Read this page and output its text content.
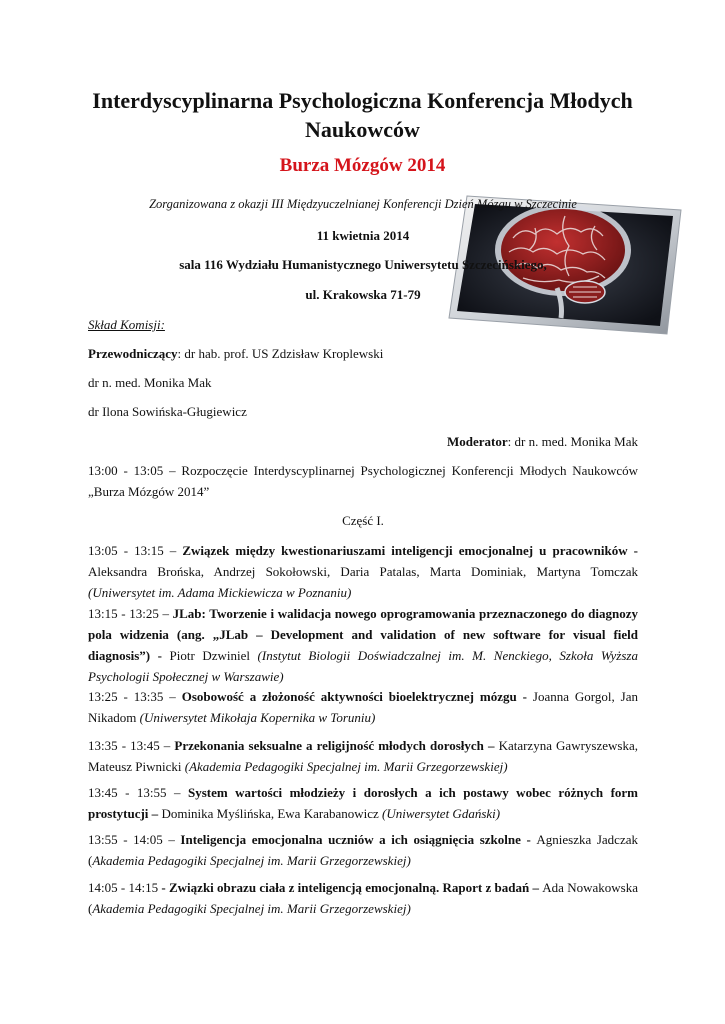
Interdyscyplinarna Psychologiczna Konferencja Młodych
Naukowców
Burza Mózgów 2014
Zorganizowana z okazji III Międzyuczelnianej Konferencji Dzień Mózgu w Szczecinie
11 kwietnia 2014
sala 116 Wydziału Humanistycznego Uniwersytetu Szczecińskiego,
ul. Krakowska 71-79
Skład Komisji:
Przewodniczący: dr hab. prof. US Zdzisław Kroplewski
dr n. med. Monika Mak
dr Ilona Sowińska-Gługiewicz
Moderator: dr n. med. Monika Mak
13:00 - 13:05 – Rozpoczęcie Interdyscyplinarnej Psychologicznej Konferencji Młodych Naukowców „Burza Mózgów 2014”
Część I.
13:05 - 13:15 – Związek między kwestionariuszami inteligencji emocjonalnej u pracowników - Aleksandra Brońska, Andrzej Sokołowski, Daria Patalas, Marta Dominiak, Martyna Tomczak (Uniwersytet im. Adama Mickiewicza w Poznaniu)
13:15 - 13:25 – JLab: Tworzenie i walidacja nowego oprogramowania przeznaczonego do diagnozy pola widzenia (ang. „JLab – Development and validation of new software for visual field diagnosis”) - Piotr Dzwiniel (Instytut Biologii Doświadczalnej im. M. Nenckiego, Szkoła Wyższa Psychologii Społecznej w Warszawie)
13:25 - 13:35 – Osobowość a złożoność aktywności bioelektrycznej mózgu - Joanna Gorgol, Jan Nikadom (Uniwersytet Mikołaja Kopernika w Toruniu)
13:35 - 13:45 – Przekonania seksualne a religijność młodych dorosłych – Katarzyna Gawryszewska, Mateusz Piwnicki (Akademia Pedagogiki Specjalnej im. Marii Grzegorzewskiej)
13:45 - 13:55 – System wartości młodzieży i dorosłych a ich postawy wobec różnych form prostytucji – Dominika Myślińska, Ewa Karabanowicz (Uniwersytet Gdański)
13:55 - 14:05 – Inteligencja emocjonalna uczniów a ich osiągnięcia szkolne - Agnieszka Jadczak (Akademia Pedagogiki Specjalnej im. Marii Grzegorzewskiej)
14:05 - 14:15 - Związki obrazu ciała z inteligencją emocjonalną. Raport z badań – Ada Nowakowska (Akademia Pedagogiki Specjalnej im. Marii Grzegorzewskiej)
